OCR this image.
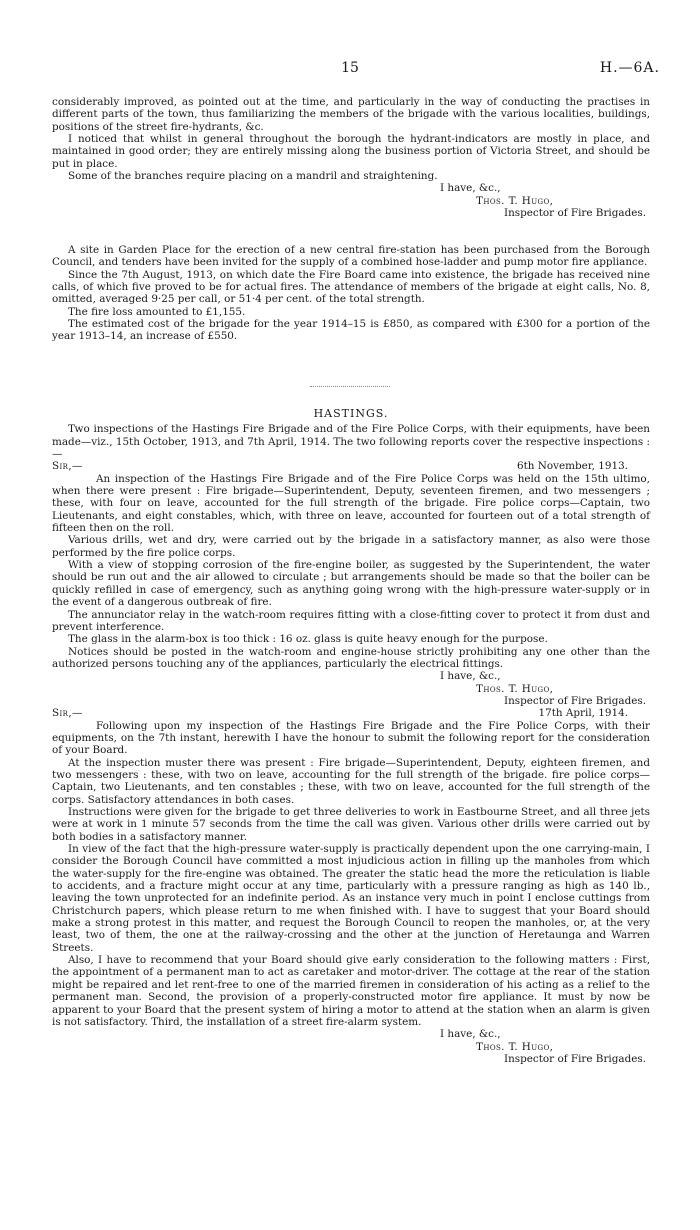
15	H.—6A.

considerably improved, as pointed out at the time, and particularly in the way of conducting the practises in different parts of the town, thus familiarizing the members of the brigade with the various localities, buildings, positions of the street fire-hydrants, &c.

I noticed that whilst in general throughout the borough the hydrant-indicators are mostly in place, and maintained in good order; they are entirely missing along the business portion of Victoria Street, and should be put in place.

Some of the branches require placing on a mandril and straightening.

I have, &c.,

Thos. T. Hugo,

Inspector of Fire Brigades.

A site in Garden Place for the erection of a new central fire-station has been purchased from the Borough Council, and tenders have been invited for the supply of a combined hose-ladder and pump motor fire appliance.

Since the 7th August, 1913, on which date the Fire Board came into existence, the brigade has received nine calls, of which five proved to be for actual fires. The attendance of members of the brigade at eight calls, No. 8, omitted, averaged 9·25 per call, or 51·4 per cent. of the total strength.

The fire loss amounted to £1,155.

The estimated cost of the brigade for the year 1914–15 is £850, as compared with £300 for a portion of the year 1913–14, an increase of £550.

HASTINGS.

Two inspections of the Hastings Fire Brigade and of the Fire Police Corps, with their equipments, have been made—viz., 15th October, 1913, and 7th April, 1914. The two following reports cover the respective inspections :—

Sir,—	6th November, 1913.

An inspection of the Hastings Fire Brigade and of the Fire Police Corps was held on the 15th ultimo, when there were present : Fire brigade—Superintendent, Deputy, seventeen firemen, and two messengers ; these, with four on leave, accounted for the full strength of the brigade. Fire police corps—Captain, two Lieutenants, and eight constables, which, with three on leave, accounted for fourteen out of a total strength of fifteen then on the roll.

Various drills, wet and dry, were carried out by the brigade in a satisfactory manner, as also were those performed by the fire police corps.

With a view of stopping corrosion of the fire-engine boiler, as suggested by the Superintendent, the water should be run out and the air allowed to circulate ; but arrangements should be made so that the boiler can be quickly refilled in case of emergency, such as anything going wrong with the high-pressure water-supply or in the event of a dangerous outbreak of fire.

The annunciator relay in the watch-room requires fitting with a close-fitting cover to protect it from dust and prevent interference.

The glass in the alarm-box is too thick : 16 oz. glass is quite heavy enough for the purpose.

Notices should be posted in the watch-room and engine-house strictly prohibiting any one other than the authorized persons touching any of the appliances, particularly the electrical fittings.

I have, &c.,

Thos. T. Hugo,

Inspector of Fire Brigades.

Sir,—	17th April, 1914.

Following upon my inspection of the Hastings Fire Brigade and the Fire Police Corps, with their equipments, on the 7th instant, herewith I have the honour to submit the following report for the consideration of your Board.

At the inspection muster there was present : Fire brigade—Superintendent, Deputy, eighteen firemen, and two messengers : these, with two on leave, accounting for the full strength of the brigade. fire police corps—Captain, two Lieutenants, and ten constables ; these, with two on leave, accounted for the full strength of the corps. Satisfactory attendances in both cases.

Instructions were given for the brigade to get three deliveries to work in Eastbourne Street, and all three jets were at work in 1 minute 57 seconds from the time the call was given. Various other drills were carried out by both bodies in a satisfactory manner.

In view of the fact that the high-pressure water-supply is practically dependent upon the one carrying-main, I consider the Borough Council have committed a most injudicious action in filling up the manholes from which the water-supply for the fire-engine was obtained. The greater the static head the more the reticulation is liable to accidents, and a fracture might occur at any time, particularly with a pressure ranging as high as 140 lb., leaving the town unprotected for an indefinite period. As an instance very much in point I enclose cuttings from Christchurch papers, which please return to me when finished with. I have to suggest that your Board should make a strong protest in this matter, and request the Borough Council to reopen the manholes, or, at the very least, two of them, the one at the railway-crossing and the other at the junction of Heretaunga and Warren Streets.

Also, I have to recommend that your Board should give early consideration to the following matters : First, the appointment of a permanent man to act as caretaker and motor-driver. The cottage at the rear of the station might be repaired and let rent-free to one of the married firemen in consideration of his acting as a relief to the permanent man. Second, the provision of a properly-constructed motor fire appliance. It must by now be apparent to your Board that the present system of hiring a motor to attend at the station when an alarm is given is not satisfactory. Third, the installation of a street fire-alarm system.

I have, &c.,

Thos. T. Hugo,

Inspector of Fire Brigades.
